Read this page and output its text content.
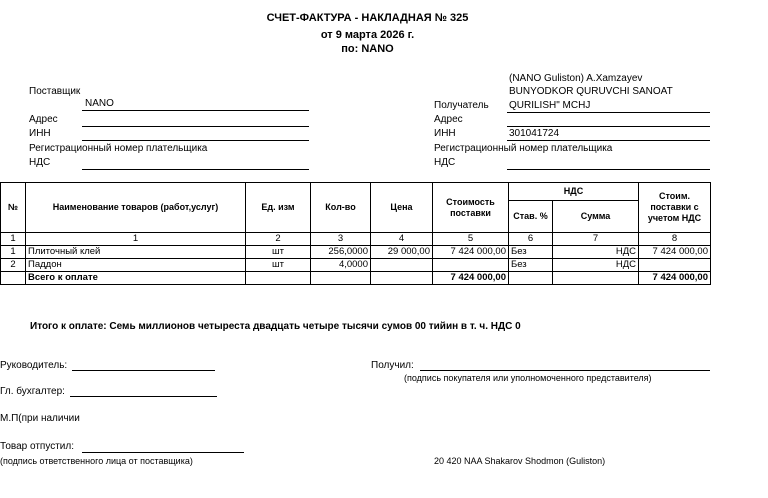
СЧЕТ-ФАКТУРА - НАКЛАДНАЯ № 325
от 9 марта 2026 г.
по: NANO
Поставщик
NANO
Адрес
ИНН
Регистрационный номер плательщика
НДС
(NANO Guliston) A.Xamzayev
BUNYODKOR QURUVCHI SANOAT
Получатель QURILISH" MCHJ
Адрес
ИНН	301041724
Регистрационный номер плательщика
НДС
№	Наименование товаров (работ,услуг)	Ед. изм	Кол-во	Цена	Стоимость поставки	НДС		Стоим. поставки с учетом НДС
						Став. %	Сумма	
1	1	2	3	4	5	6	7	8
1	Плиточный клей	шт	256,0000	29 000,00	7 424 000,00	Без	НДС	7 424 000,00
2	Паддон	шт	4,0000			Без	НДС	
	Всего к оплате				7 424 000,00			7 424 000,00
Итого к оплате: Семь миллионов четыреста двадцать четыре тысячи сумов 00 тийин в т. ч. НДС 0
Руководитель:	Получил:
(подпись покупателя или уполномоченного представителя)
Гл. бухгалтер:
М.П(при наличии
Товар отпустил:
(подпись ответственного лица от поставщика)	20 420 NAA Shakarov Shodmon (Guliston)
